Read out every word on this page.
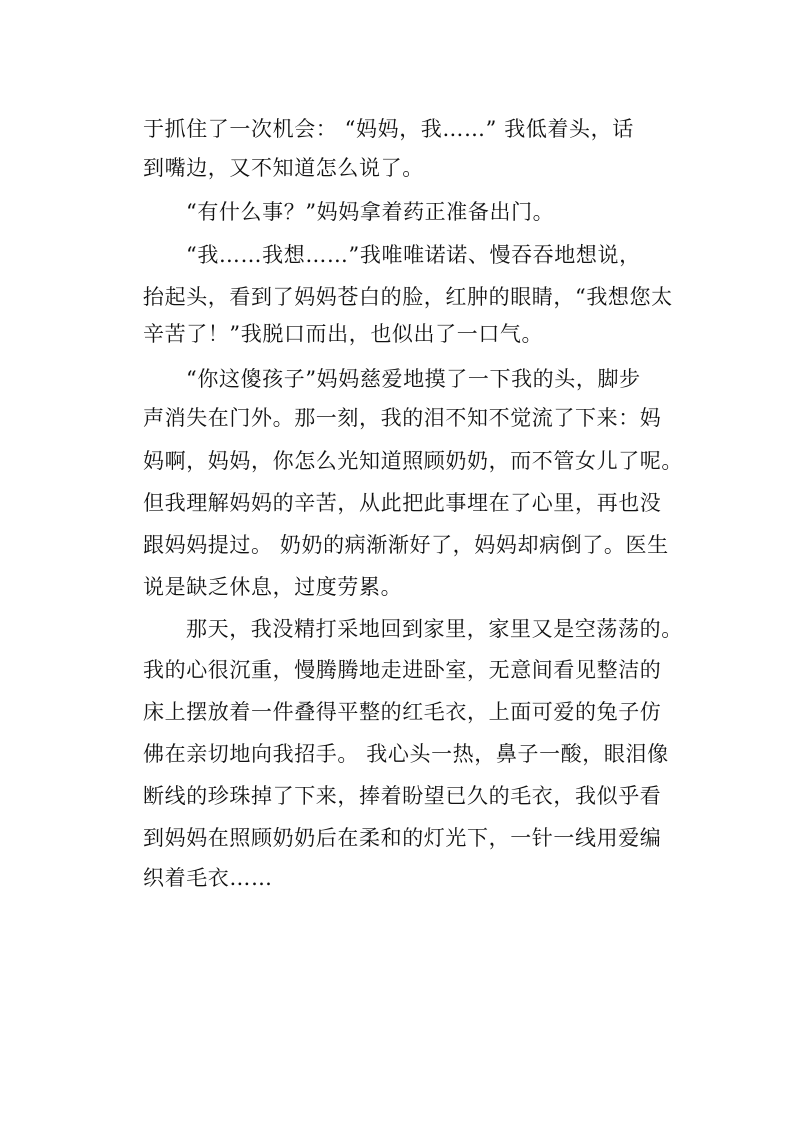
于抓住了一次机会： “妈妈，我……” 我低着头，话
到嘴边，又不知道怎么说了。
“有什么事？”妈妈拿着药正准备出门。
“我……我想……”我唯唯诺诺、慢吞吞地想说，
抬起头，看到了妈妈苍白的脸，红肿的眼睛，“我想您太
辛苦了！”我脱口而出，也似出了一口气。
“你这傻孩子”妈妈慈爱地摸了一下我的头，脚步
声消失在门外。那一刻，我的泪不知不觉流了下来：妈
妈啊，妈妈，你怎么光知道照顾奶奶，而不管女儿了呢。
但我理解妈妈的辛苦，从此把此事埋在了心里，再也没
跟妈妈提过。 奶奶的病渐渐好了，妈妈却病倒了。医生
说是缺乏休息，过度劳累。
那天，我没精打采地回到家里，家里又是空荡荡的。
我的心很沉重，慢腾腾地走进卧室，无意间看见整洁的
床上摆放着一件叠得平整的红毛衣，上面可爱的兔子仿
佛在亲切地向我招手。 我心头一热，鼻子一酸，眼泪像
断线的珍珠掉了下来，捧着盼望已久的毛衣，我似乎看
到妈妈在照顾奶奶后在柔和的灯光下，一针一线用爱编
织着毛衣……
